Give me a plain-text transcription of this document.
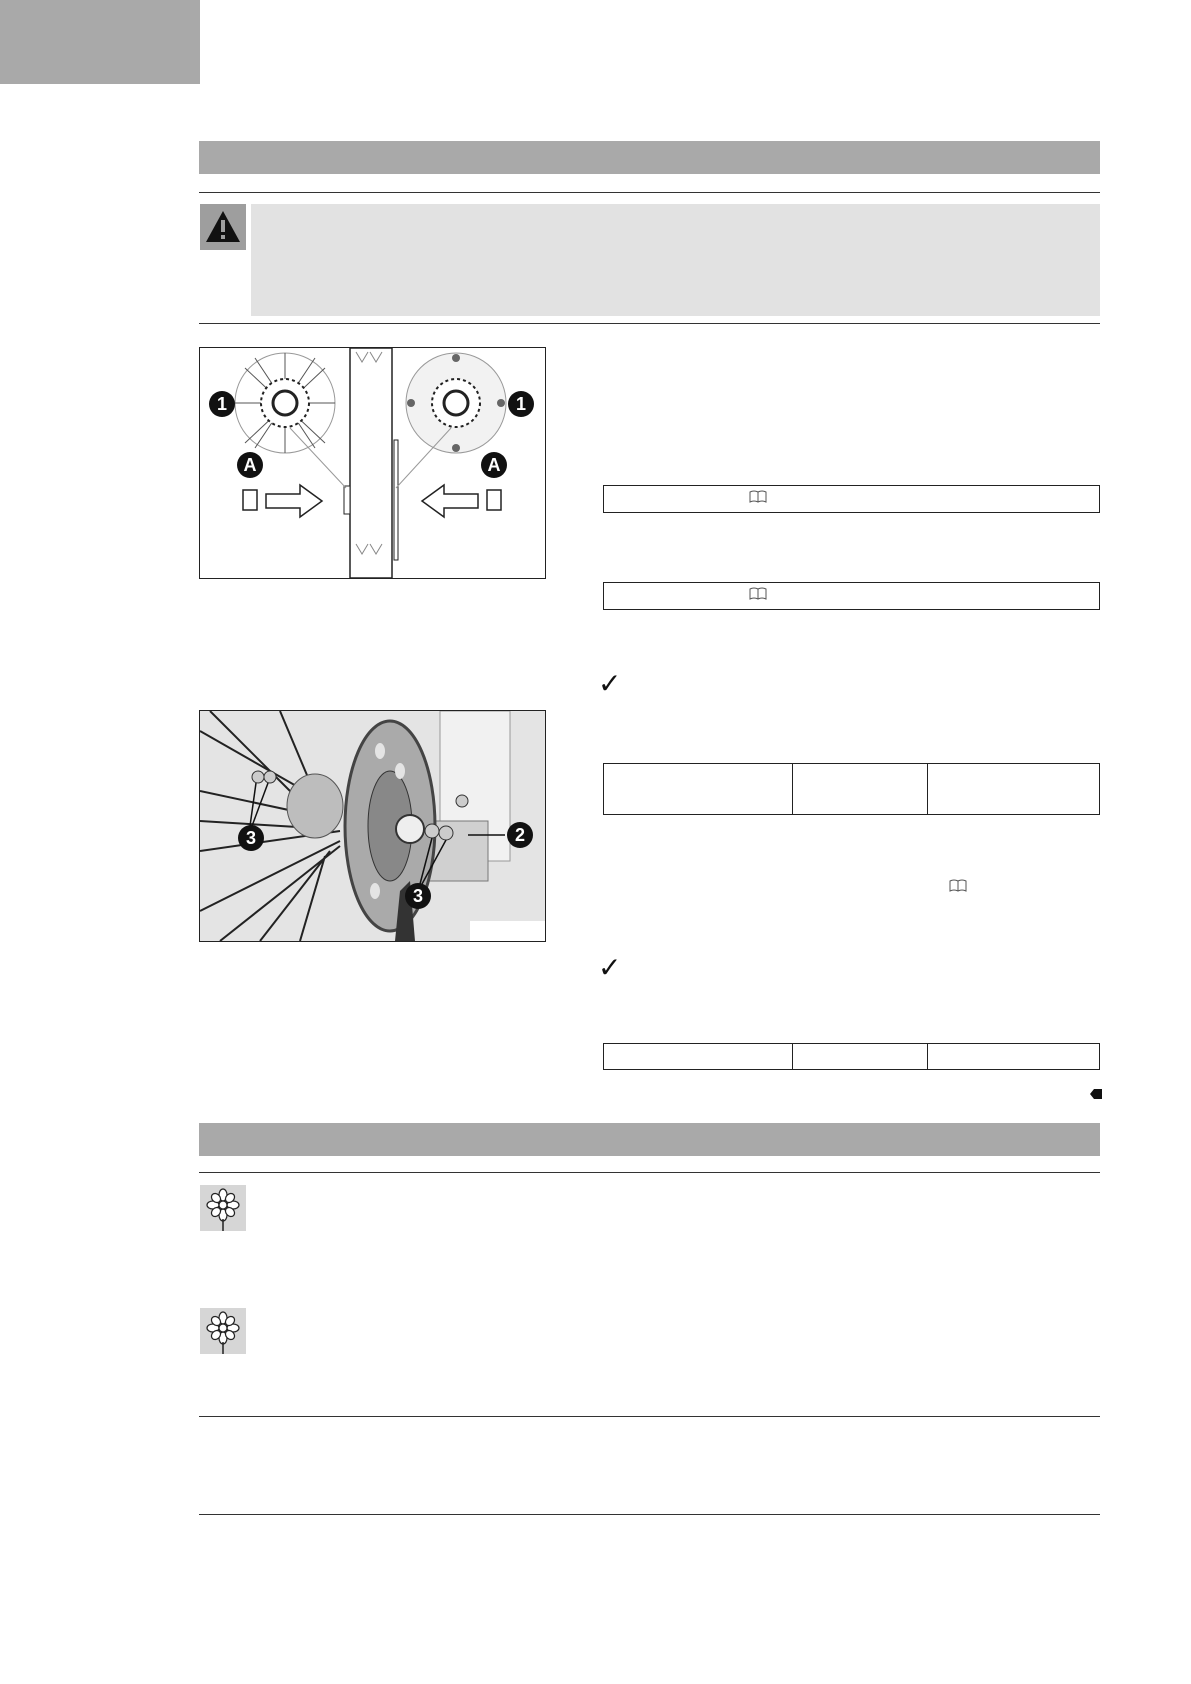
1	1
A	A
3	2
3
✓

✓
